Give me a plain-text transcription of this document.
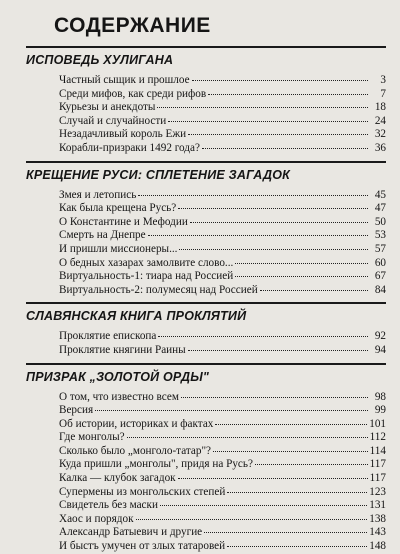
СОДЕРЖАНИЕ
ИСПОВЕДЬ ХУЛИГАНА
Частный сыщик и прошлое	3
Среди мифов, как среди рифов	7
Курьезы и анекдоты	18
Случай и случайности	24
Незадачливый король Ежи	32
Корабли-призраки 1492 года?	36
КРЕЩЕНИЕ РУСИ: СПЛЕТЕНИЕ ЗАГАДОК
Змея и летопись	45
Как была крещена Русь?	47
О Константине и Мефодии	50
Смерть на Днепре	53
И пришли миссионеры...	57
О бедных хазарах замолвите слово...	60
Виртуальность-1: тиара над Россией	67
Виртуальность-2: полумесяц над Россией	84
СЛАВЯНСКАЯ КНИГА ПРОКЛЯТИЙ
Проклятие епископа	92
Проклятие княгини Раины	94
ПРИЗРАК „ЗОЛОТОЙ ОРДЫ"
О том, что известно всем	98
Версия	99
Об истории, историках и фактах	101
Где монголы?	112
Сколько было „монголо-татар"?	114
Куда пришли „монголы", придя на Русь?	117
Калка — клубок загадок	117
Супермены из монгольских степей	123
Свидетель без маски	131
Хаос и порядок	138
Александр Батыевич и другие	143
И быстъ умучен от злых татаровей	148
